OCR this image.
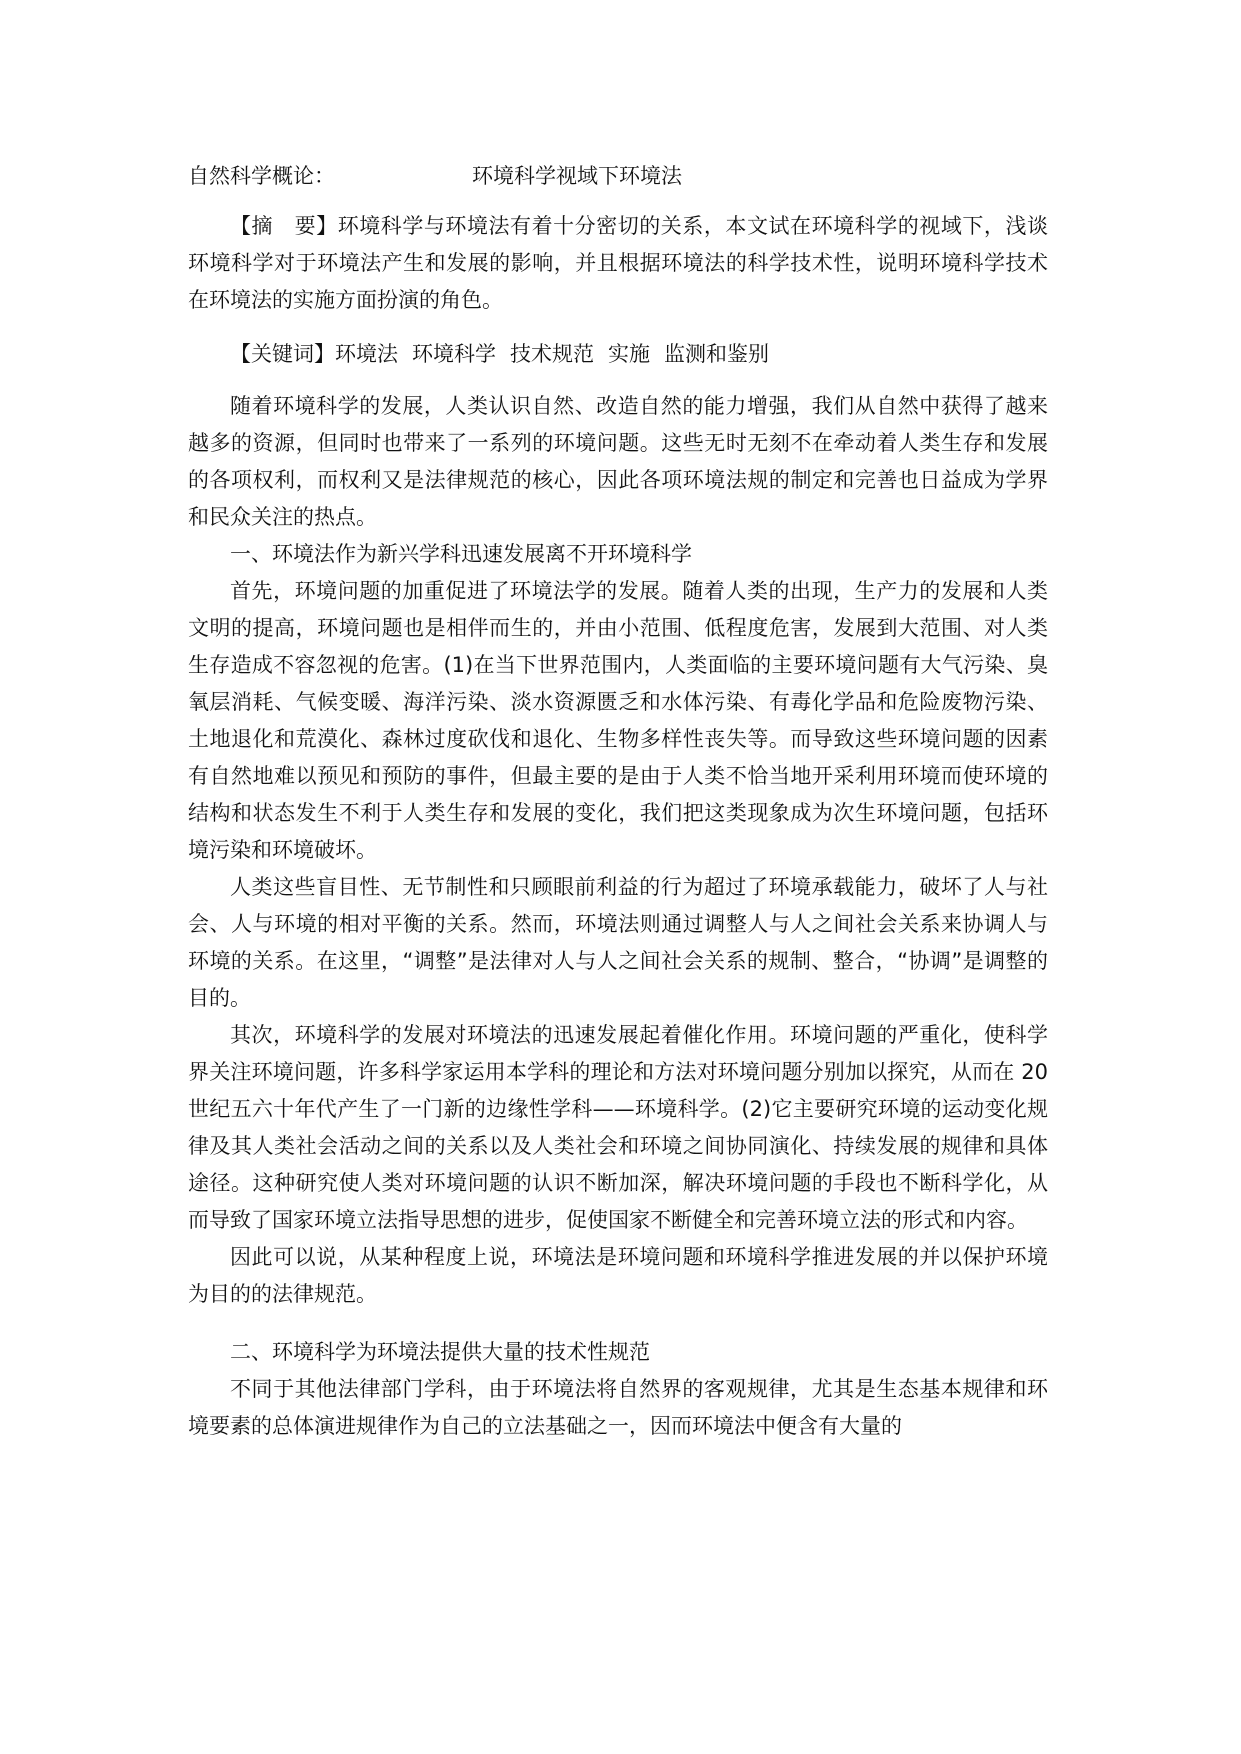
自然科学概论：	环境科学视域下环境法

【摘　要】环境科学与环境法有着十分密切的关系，本文试在环境科学的视域下，浅谈环境科学对于环境法产生和发展的影响，并且根据环境法的科学技术性，说明环境科学技术在环境法的实施方面扮演的角色。

【关键词】环境法 环境科学 技术规范 实施 监测和鉴别

随着环境科学的发展，人类认识自然、改造自然的能力增强，我们从自然中获得了越来越多的资源，但同时也带来了一系列的环境问题。这些无时无刻不在牵动着人类生存和发展的各项权利，而权利又是法律规范的核心，因此各项环境法规的制定和完善也日益成为学界和民众关注的热点。

一、环境法作为新兴学科迅速发展离不开环境科学

首先，环境问题的加重促进了环境法学的发展。随着人类的出现，生产力的发展和人类文明的提高，环境问题也是相伴而生的，并由小范围、低程度危害，发展到大范围、对人类生存造成不容忽视的危害。(1)在当下世界范围内，人类面临的主要环境问题有大气污染、臭氧层消耗、气候变暖、海洋污染、淡水资源匮乏和水体污染、有毒化学品和危险废物污染、土地退化和荒漠化、森林过度砍伐和退化、生物多样性丧失等。而导致这些环境问题的因素有自然地难以预见和预防的事件，但最主要的是由于人类不恰当地开采利用环境而使环境的结构和状态发生不利于人类生存和发展的变化，我们把这类现象成为次生环境问题，包括环境污染和环境破坏。

人类这些盲目性、无节制性和只顾眼前利益的行为超过了环境承载能力，破坏了人与社会、人与环境的相对平衡的关系。然而，环境法则通过调整人与人之间社会关系来协调人与环境的关系。在这里，“调整”是法律对人与人之间社会关系的规制、整合，“协调”是调整的目的。

其次，环境科学的发展对环境法的迅速发展起着催化作用。环境问题的严重化，使科学界关注环境问题，许多科学家运用本学科的理论和方法对环境问题分别加以探究，从而在 20 世纪五六十年代产生了一门新的边缘性学科——环境科学。(2)它主要研究环境的运动变化规律及其人类社会活动之间的关系以及人类社会和环境之间协同演化、持续发展的规律和具体途径。这种研究使人类对环境问题的认识不断加深，解决环境问题的手段也不断科学化，从而导致了国家环境立法指导思想的进步，促使国家不断健全和完善环境立法的形式和内容。

因此可以说，从某种程度上说，环境法是环境问题和环境科学推进发展的并以保护环境为目的的法律规范。

二、环境科学为环境法提供大量的技术性规范

不同于其他法律部门学科，由于环境法将自然界的客观规律，尤其是生态基本规律和环境要素的总体演进规律作为自己的立法基础之一，因而环境法中便含有大量的
